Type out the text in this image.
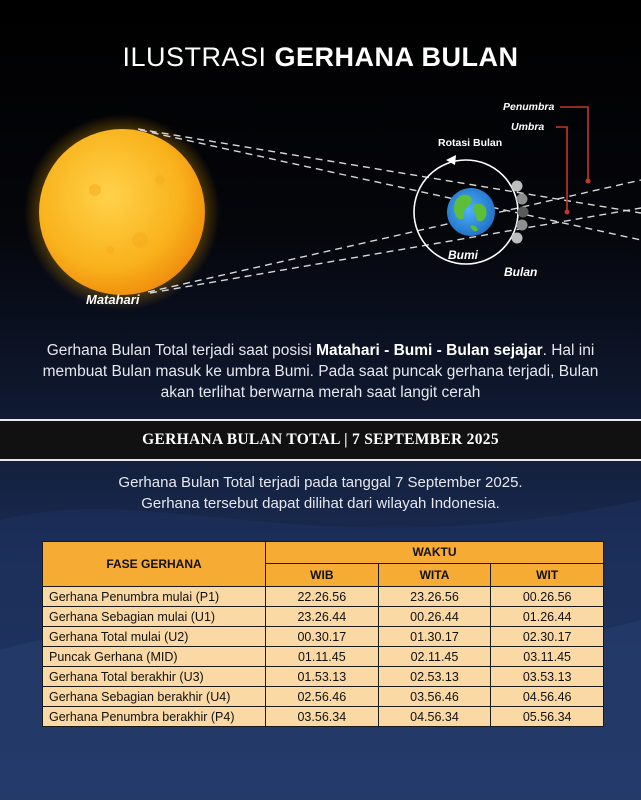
ILUSTRASI GERHANA BULAN
Matahari
Rotasi Bulan
Bumi
Bulan
Penumbra
Umbra
Gerhana Bulan Total terjadi saat posisi Matahari - Bumi - Bulan sejajar. Hal ini membuat Bulan masuk ke umbra Bumi. Pada saat puncak gerhana terjadi, Bulan akan terlihat berwarna merah saat langit cerah
GERHANA BULAN TOTAL | 7 SEPTEMBER 2025
Gerhana Bulan Total terjadi pada tanggal 7 September 2025.
Gerhana tersebut dapat dilihat dari wilayah Indonesia.
FASE GERHANA	WAKTU		
	WIB	WITA	WIT
Gerhana Penumbra mulai (P1)	22.26.56	23.26.56	00.26.56
Gerhana Sebagian mulai (U1)	23.26.44	00.26.44	01.26.44
Gerhana Total mulai (U2)	00.30.17	01.30.17	02.30.17
Puncak Gerhana (MID)	01.11.45	02.11.45	03.11.45
Gerhana Total berakhir (U3)	01.53.13	02.53.13	03.53.13
Gerhana Sebagian berakhir (U4)	02.56.46	03.56.46	04.56.46
Gerhana Penumbra berakhir (P4)	03.56.34	04.56.34	05.56.34
